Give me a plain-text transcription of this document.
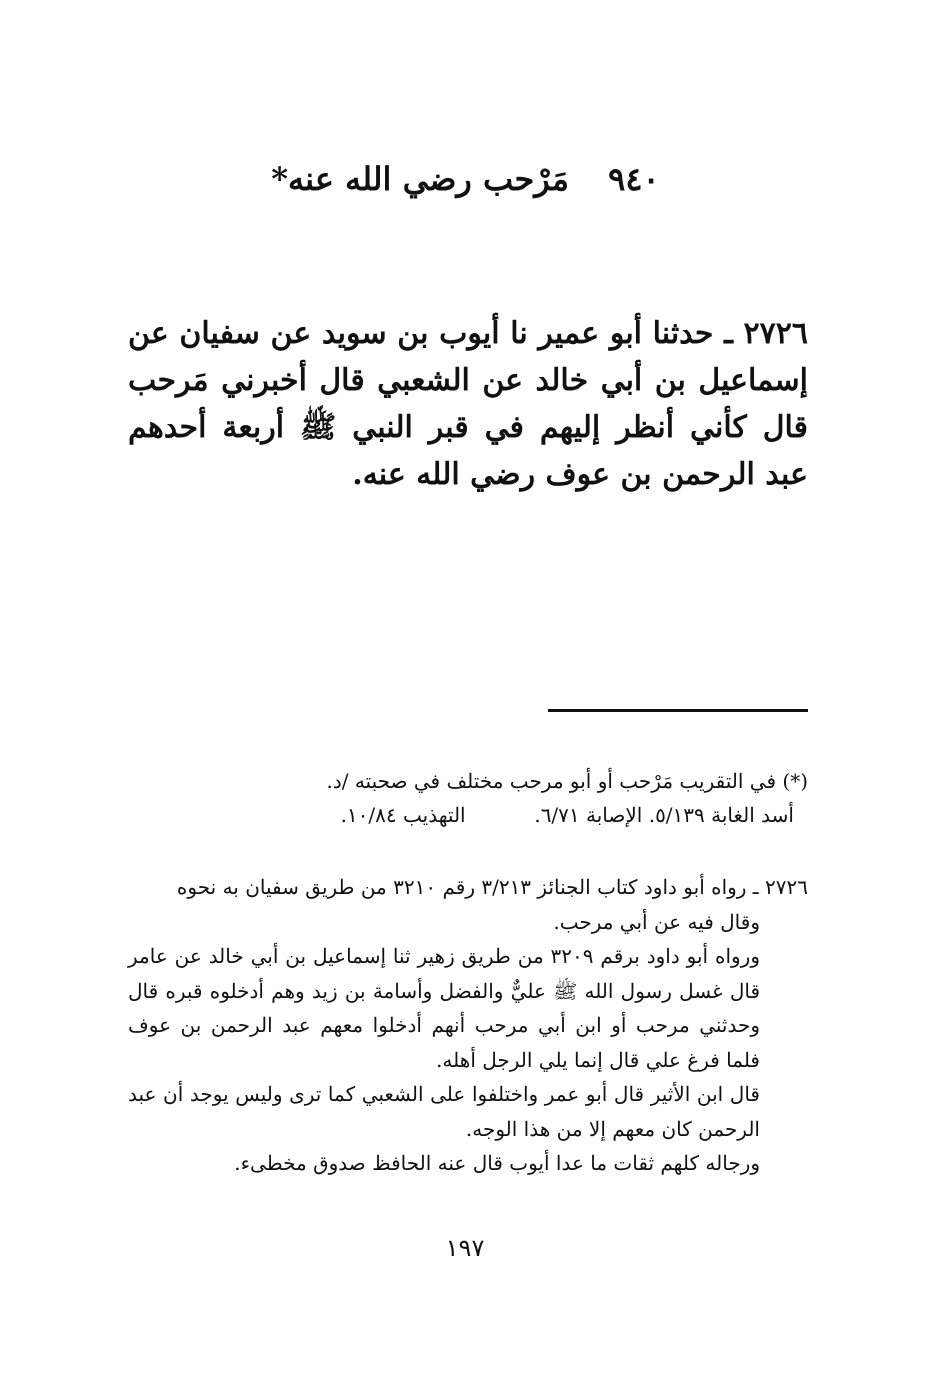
٩٤٠ مَرْحب رضي الله عنه*
٢٧٢٦ ـ حدثنا أبو عمير نا أيوب بن سويد عن سفيان عن إسماعيل بن أبي خالد عن الشعبي قال أخبرني مَرحب قال كأني أنظر إليهم في قبر النبي ﷺ أربعة أحدهم عبد الرحمن بن عوف رضي الله عنه.

(*) في التقريب مَرْحب أو أبو مرحب مختلف في صحبته /د.

أسد الغابة ٥/١٣٩. الإصابة ٦/٧١.  التهذيب ١٠/٨٤.

٢٧٢٦ ـ رواه أبو داود كتاب الجنائز ٣/٢١٣ رقم ٣٢١٠ من طريق سفيان به نحوه

وقال فيه عن أبي مرحب.

ورواه أبو داود برقم ٣٢٠٩ من طريق زهير ثنا إسماعيل بن أبي خالد عن عامر قال غسل رسول الله ﷺ عليٌّ والفضل وأسامة بن زيد وهم أدخلوه قبره قال وحدثني مرحب أو ابن أبي مرحب أنهم أدخلوا معهم عبد الرحمن بن عوف فلما فرغ علي قال إنما يلي الرجل أهله.

قال ابن الأثير قال أبو عمر واختلفوا على الشعبي كما ترى وليس يوجد أن عبد الرحمن كان معهم إلا من هذا الوجه.

ورجاله كلهم ثقات ما عدا أيوب قال عنه الحافظ صدوق مخطىء.

١٩٧
